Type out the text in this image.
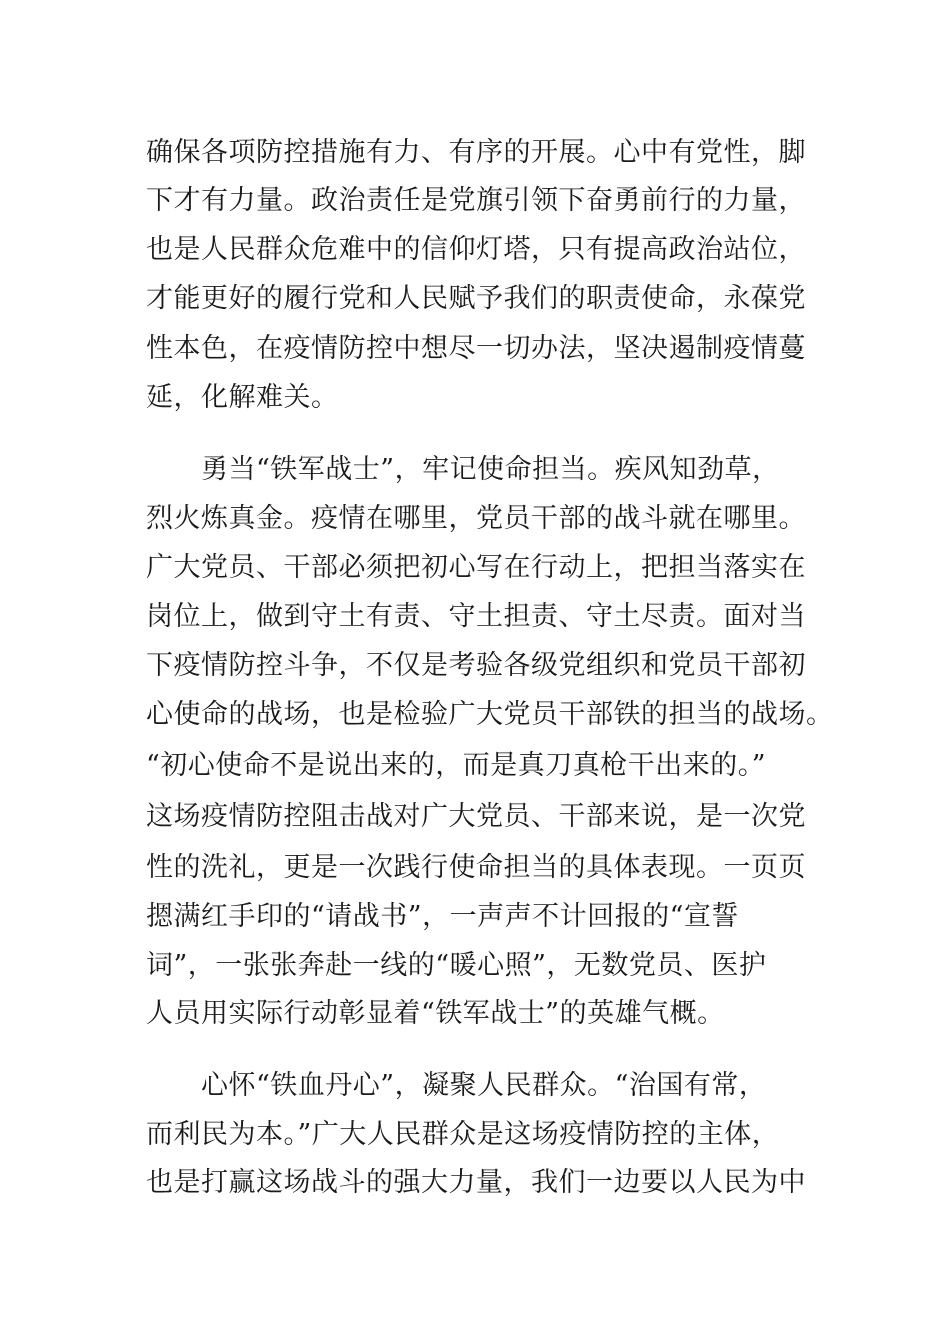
确保各项防控措施有力、有序的开展。心中有党性，脚
下才有力量。政治责任是党旗引领下奋勇前行的力量，
也是人民群众危难中的信仰灯塔，只有提高政治站位，
才能更好的履行党和人民赋予我们的职责使命，永葆党
性本色，在疫情防控中想尽一切办法，坚决遏制疫情蔓
延，化解难关。
　　勇当“铁军战士”，牢记使命担当。疾风知劲草，
烈火炼真金。疫情在哪里，党员干部的战斗就在哪里。
广大党员、干部必须把初心写在行动上，把担当落实在
岗位上，做到守土有责、守土担责、守土尽责。面对当
下疫情防控斗争，不仅是考验各级党组织和党员干部初
心使命的战场，也是检验广大党员干部铁的担当的战场。
“初心使命不是说出来的，而是真刀真枪干出来的。”
这场疫情防控阻击战对广大党员、干部来说，是一次党
性的洗礼，更是一次践行使命担当的具体表现。一页页
摁满红手印的“请战书”，一声声不计回报的“宣誓
词”，一张张奔赴一线的“暖心照”，无数党员、医护
人员用实际行动彰显着“铁军战士”的英雄气概。
　　心怀“铁血丹心”，凝聚人民群众。“治国有常，
而利民为本。”广大人民群众是这场疫情防控的主体，
也是打赢这场战斗的强大力量，我们一边要以人民为中
